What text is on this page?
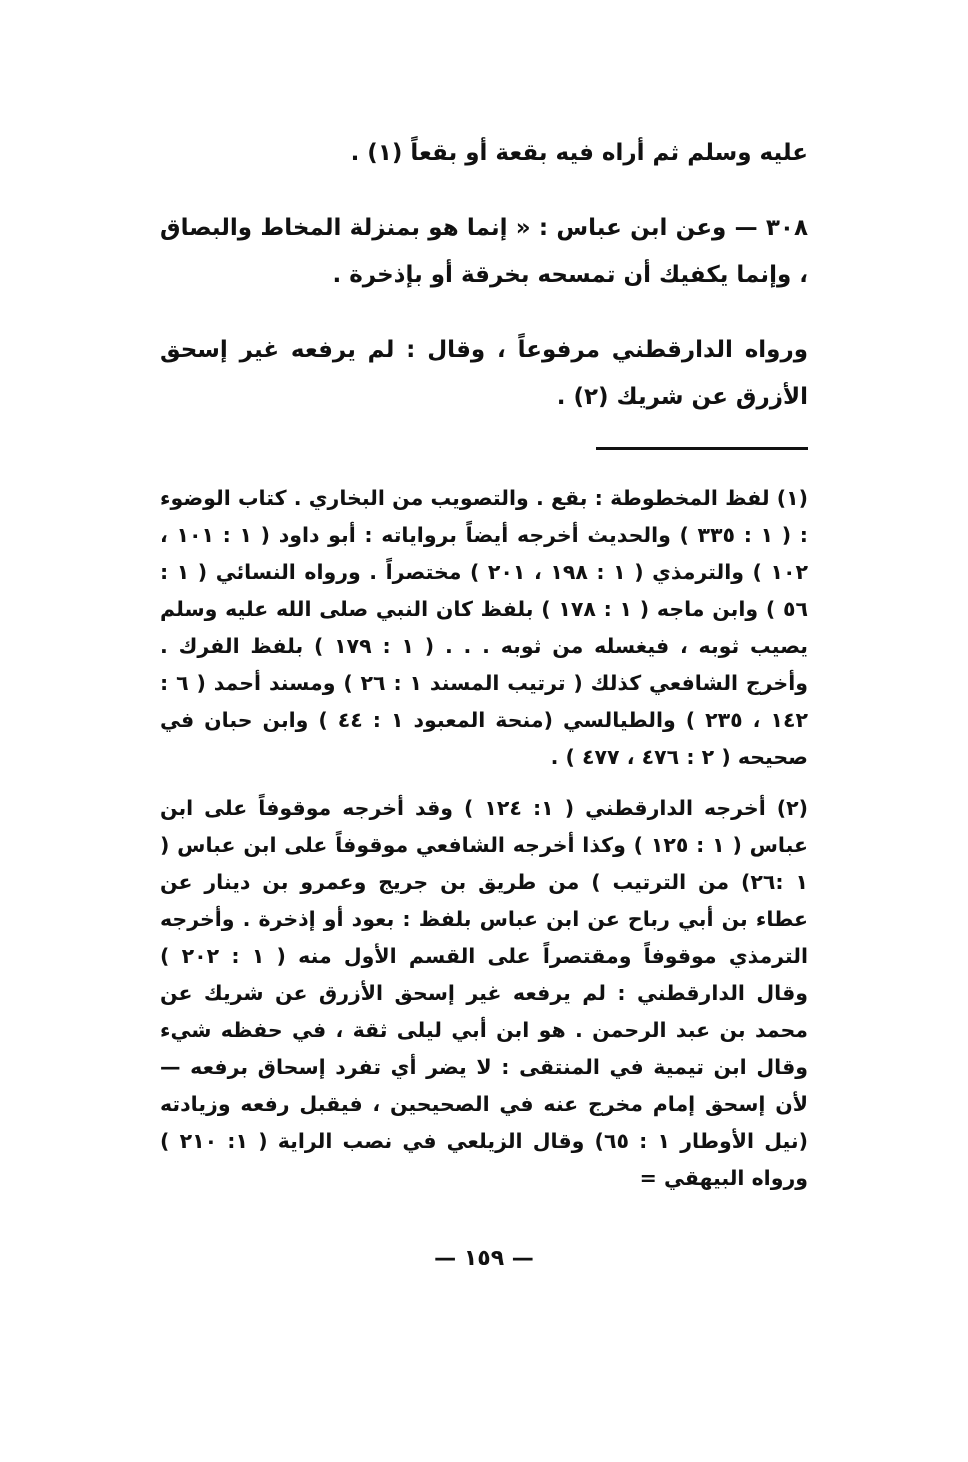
عليه وسلم ثم أراه فيه بقعة أو بقعاً (١) .

٣٠٨ — وعن ابن عباس : « إنما هو بمنزلة المخاط والبصاق ، وإنما يكفيك أن تمسحه بخرقة أو بإذخرة .

ورواه الدارقطني مرفوعاً ، وقال : لم يرفعه غير إسحق الأزرق عن شريك (٢) .

(١) لفظ المخطوطة : بقع . والتصويب من البخاري . كتاب الوضوء : ( ١ : ٣٣٥ ) والحديث أخرجه أيضاً برواياته : أبو داود ( ١ : ١٠١ ، ١٠٢ ) والترمذي ( ١ : ١٩٨ ، ٢٠١ ) مختصراً . ورواه النسائي ( ١ : ٥٦ ) وابن ماجه ( ١ : ١٧٨ ) بلفظ كان النبي صلى الله عليه وسلم يصيب ثوبه ، فيغسله من ثوبه . . . ( ١ : ١٧٩ ) بلفظ الفرك . وأخرج الشافعي كذلك ( ترتيب المسند ١ : ٢٦ ) ومسند أحمد ( ٦ : ١٤٢ ، ٢٣٥ ) والطيالسي (منحة المعبود ١ : ٤٤ ) وابن حبان في صحيحه ( ٢ : ٤٧٦ ، ٤٧٧ ) .

(٢) أخرجه الدارقطني ( ١: ١٢٤ ) وقد أخرجه موقوفاً على ابن عباس ( ١ : ١٢٥ ) وكذا أخرجه الشافعي موقوفاً على ابن عباس ( ١ :٢٦) من الترتيب ) من طريق بن جريج وعمرو بن دينار عن عطاء بن أبي رباح عن ابن عباس بلفظ : بعود أو إذخرة . وأخرجه الترمذي موقوفاً ومقتصراً على القسم الأول منه ( ١ : ٢٠٢ ) وقال الدارقطني : لم يرفعه غير إسحق الأزرق عن شريك عن محمد بن عبد الرحمن . هو ابن أبي ليلى ثقة ، في حفظه شيء وقال ابن تيمية في المنتقى : لا يضر أي تفرد إسحاق برفعه — لأن إسحق إمام مخرج عنه في الصحيحين ، فيقبل رفعه وزيادته (نيل الأوطار ١ : ٦٥) وقال الزيلعي في نصب الراية ( ١: ٢١٠ ) ورواه البيهقي =

— ١٥٩ —
